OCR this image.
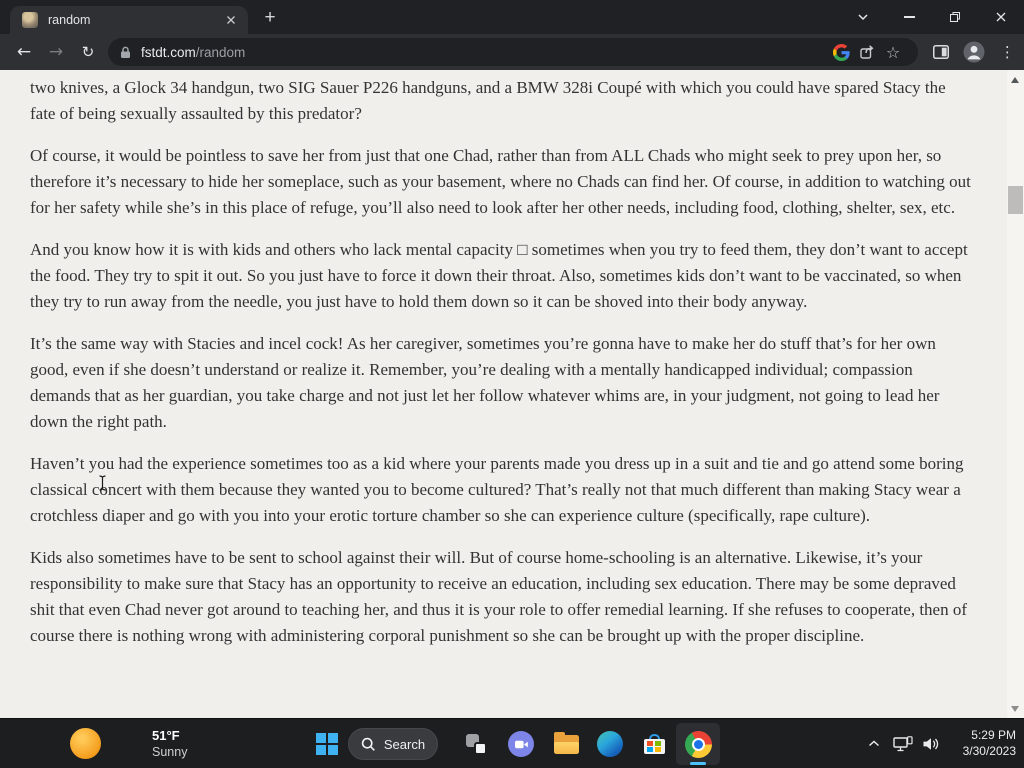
random	+
←	→	↻	fstdt.com/random	☆	⋮

two knives, a Glock 34 handgun, two SIG Sauer P226 handguns, and a BMW 328i Coupé with which you could have spared Stacy the fate of being sexually assaulted by this predator?

Of course, it would be pointless to save her from just that one Chad, rather than from ALL Chads who might seek to prey upon her, so therefore it’s necessary to hide her someplace, such as your basement, where no Chads can find her. Of course, in addition to watching out for her safety while she’s in this place of refuge, you’ll also need to look after her other needs, including food, clothing, shelter, sex, etc.

And you know how it is with kids and others who lack mental capacity □ sometimes when you try to feed them, they don’t want to accept the food. They try to spit it out. So you just have to force it down their throat. Also, sometimes kids don’t want to be vaccinated, so when they try to run away from the needle, you just have to hold them down so it can be shoved into their body anyway.

It’s the same way with Stacies and incel cock! As her caregiver, sometimes you’re gonna have to make her do stuff that’s for her own good, even if she doesn’t understand or realize it. Remember, you’re dealing with a mentally handicapped individual; compassion demands that as her guardian, you take charge and not just let her follow whatever whims are, in your judgment, not going to lead her down the right path.

Haven’t you had the experience sometimes too as a kid where your parents made you dress up in a suit and tie and go attend some boring classical concert with them because they wanted you to become cultured? That’s really not that much different than making Stacy wear a crotchless diaper and go with you into your erotic torture chamber so she can experience culture (specifically, rape culture).

Kids also sometimes have to be sent to school against their will. But of course home-schooling is an alternative. Likewise, it’s your responsibility to make sure that Stacy has an opportunity to receive an education, including sex education. There may be some depraved shit that even Chad never got around to teaching her, and thus it is your role to offer remedial learning. If she refuses to cooperate, then of course there is nothing wrong with administering corporal punishment so she can be brought up with the proper discipline.

51°F
Sunny	Search
5:29 PM
3/30/2023
